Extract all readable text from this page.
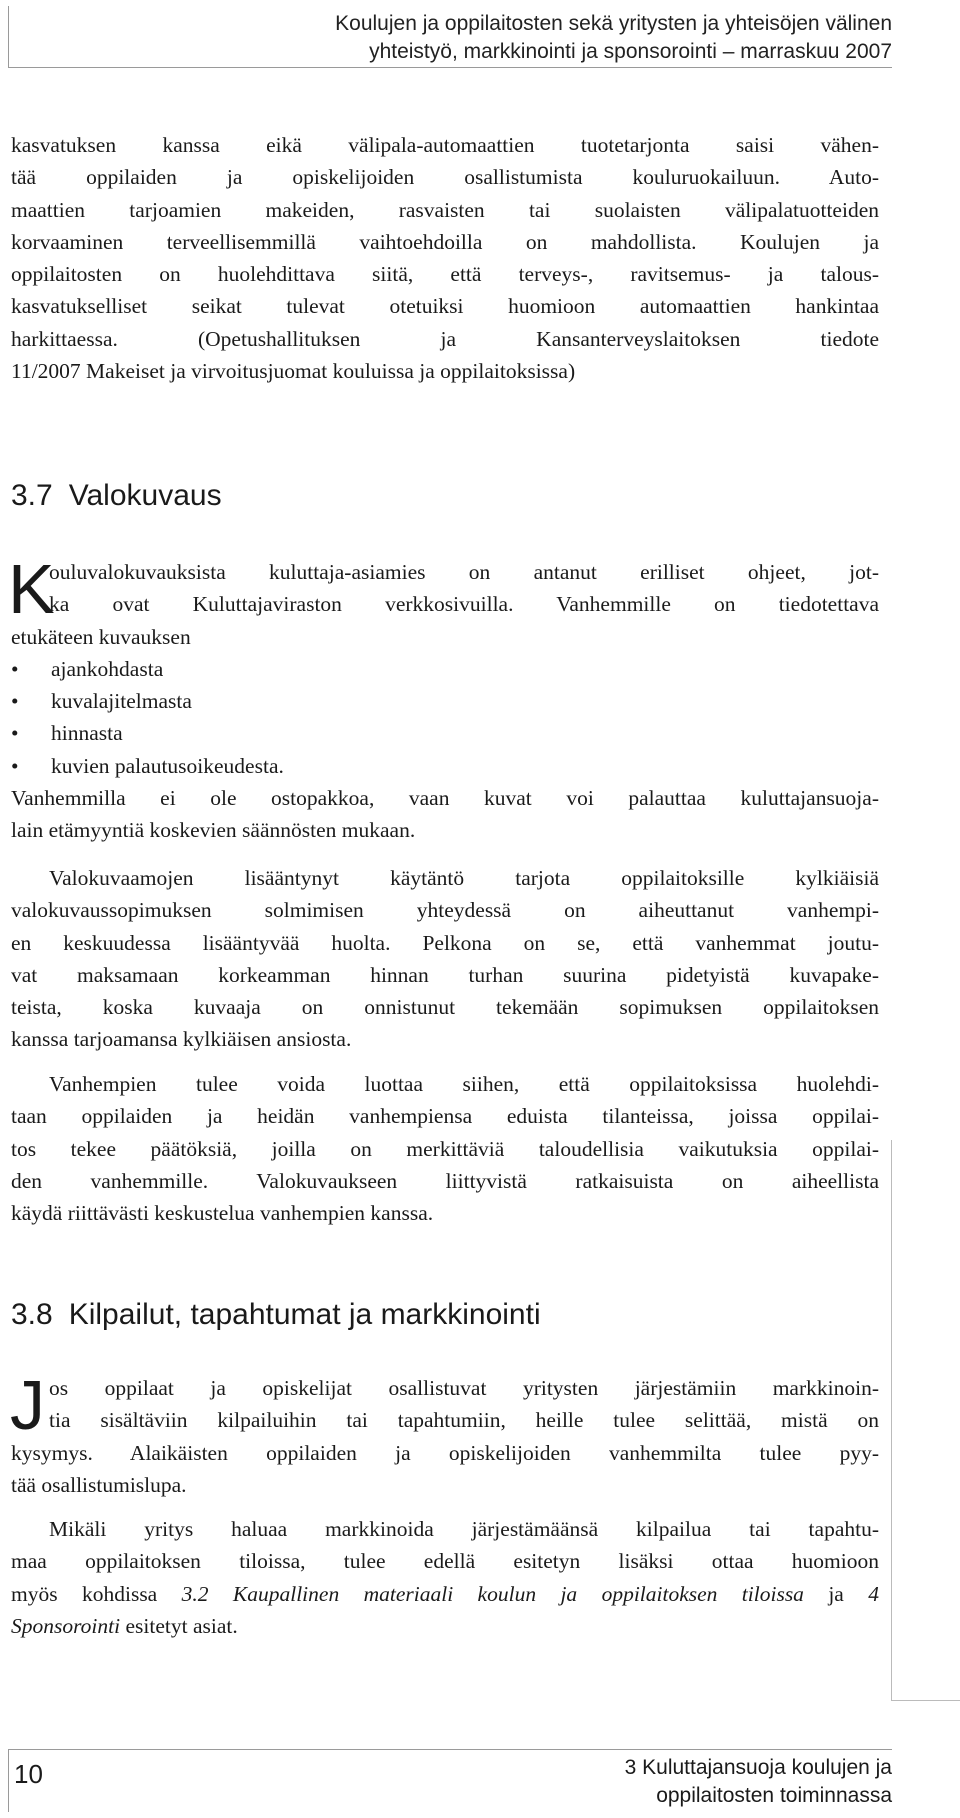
Koulujen ja oppilaitosten sekä yritysten ja yhteisöjen välinen
yhteistyö, markkinointi ja sponsorointi – marraskuu 2007
kasvatuksen kanssa eikä välipala-automaattien tuotetarjonta saisi vähen-
tää oppilaiden ja opiskelijoiden osallistumista kouluruokailuun. Auto-
maattien tarjoamien makeiden, rasvaisten tai suolaisten välipalatuotteiden
korvaaminen terveellisemmillä vaihtoehdoilla on mahdollista. Koulujen ja
oppilaitosten on huolehdittava siitä, että terveys-, ravitsemus- ja talous-
kasvatukselliset seikat tulevat otetuiksi huomioon automaattien hankintaa
harkittaessa. (Opetushallituksen ja Kansanterveyslaitoksen tiedote
11/2007 Makeiset ja virvoitusjuomat kouluissa ja oppilaitoksissa)
3.7 Valokuvaus
K
ouluvalokuvauksista kuluttaja-asiamies on antanut erilliset ohjeet, jot-
ka ovat Kuluttajaviraston verkkosivuilla. Vanhemmille on tiedotettava
etukäteen kuvauksen
• ajankohdasta
• kuvalajitelmasta
• hinnasta
• kuvien palautusoikeudesta.
Vanhemmilla ei ole ostopakkoa, vaan kuvat voi palauttaa kuluttajansuoja-
lain etämyyntiä koskevien säännösten mukaan.
Valokuvaamojen lisääntynyt käytäntö tarjota oppilaitoksille kylkiäisiä
valokuvaussopimuksen solmimisen yhteydessä on aiheuttanut vanhempi-
en keskuudessa lisääntyvää huolta. Pelkona on se, että vanhemmat joutu-
vat maksamaan korkeamman hinnan turhan suurina pidetyistä kuvapake-
teista, koska kuvaaja on onnistunut tekemään sopimuksen oppilaitoksen
kanssa tarjoamansa kylkiäisen ansiosta.
Vanhempien tulee voida luottaa siihen, että oppilaitoksissa huolehdi-
taan oppilaiden ja heidän vanhempiensa eduista tilanteissa, joissa oppilai-
tos tekee päätöksiä, joilla on merkittäviä taloudellisia vaikutuksia oppilai-
den vanhemmille. Valokuvaukseen liittyvistä ratkaisuista on aiheellista
käydä riittävästi keskustelua vanhempien kanssa.
3.8 Kilpailut, tapahtumat ja markkinointi
J os oppilaat ja opiskelijat osallistuvat yritysten järjestämiin markkinoin-
tia sisältäviin kilpailuihin tai tapahtumiin, heille tulee selittää, mistä on
kysymys. Alaikäisten oppilaiden ja opiskelijoiden vanhemmilta tulee pyy-
tää osallistumislupa.
Mikäli yritys haluaa markkinoida järjestämäänsä kilpailua tai tapahtu-
maa oppilaitoksen tiloissa, tulee edellä esitetyn lisäksi ottaa huomioon
myös kohdissa 3.2 Kaupallinen materiaali koulun ja oppilaitoksen tiloissa ja 4
Sponsorointi esitetyt asiat.
10	3 Kuluttajansuoja koulujen ja
oppilaitosten toiminnassa
